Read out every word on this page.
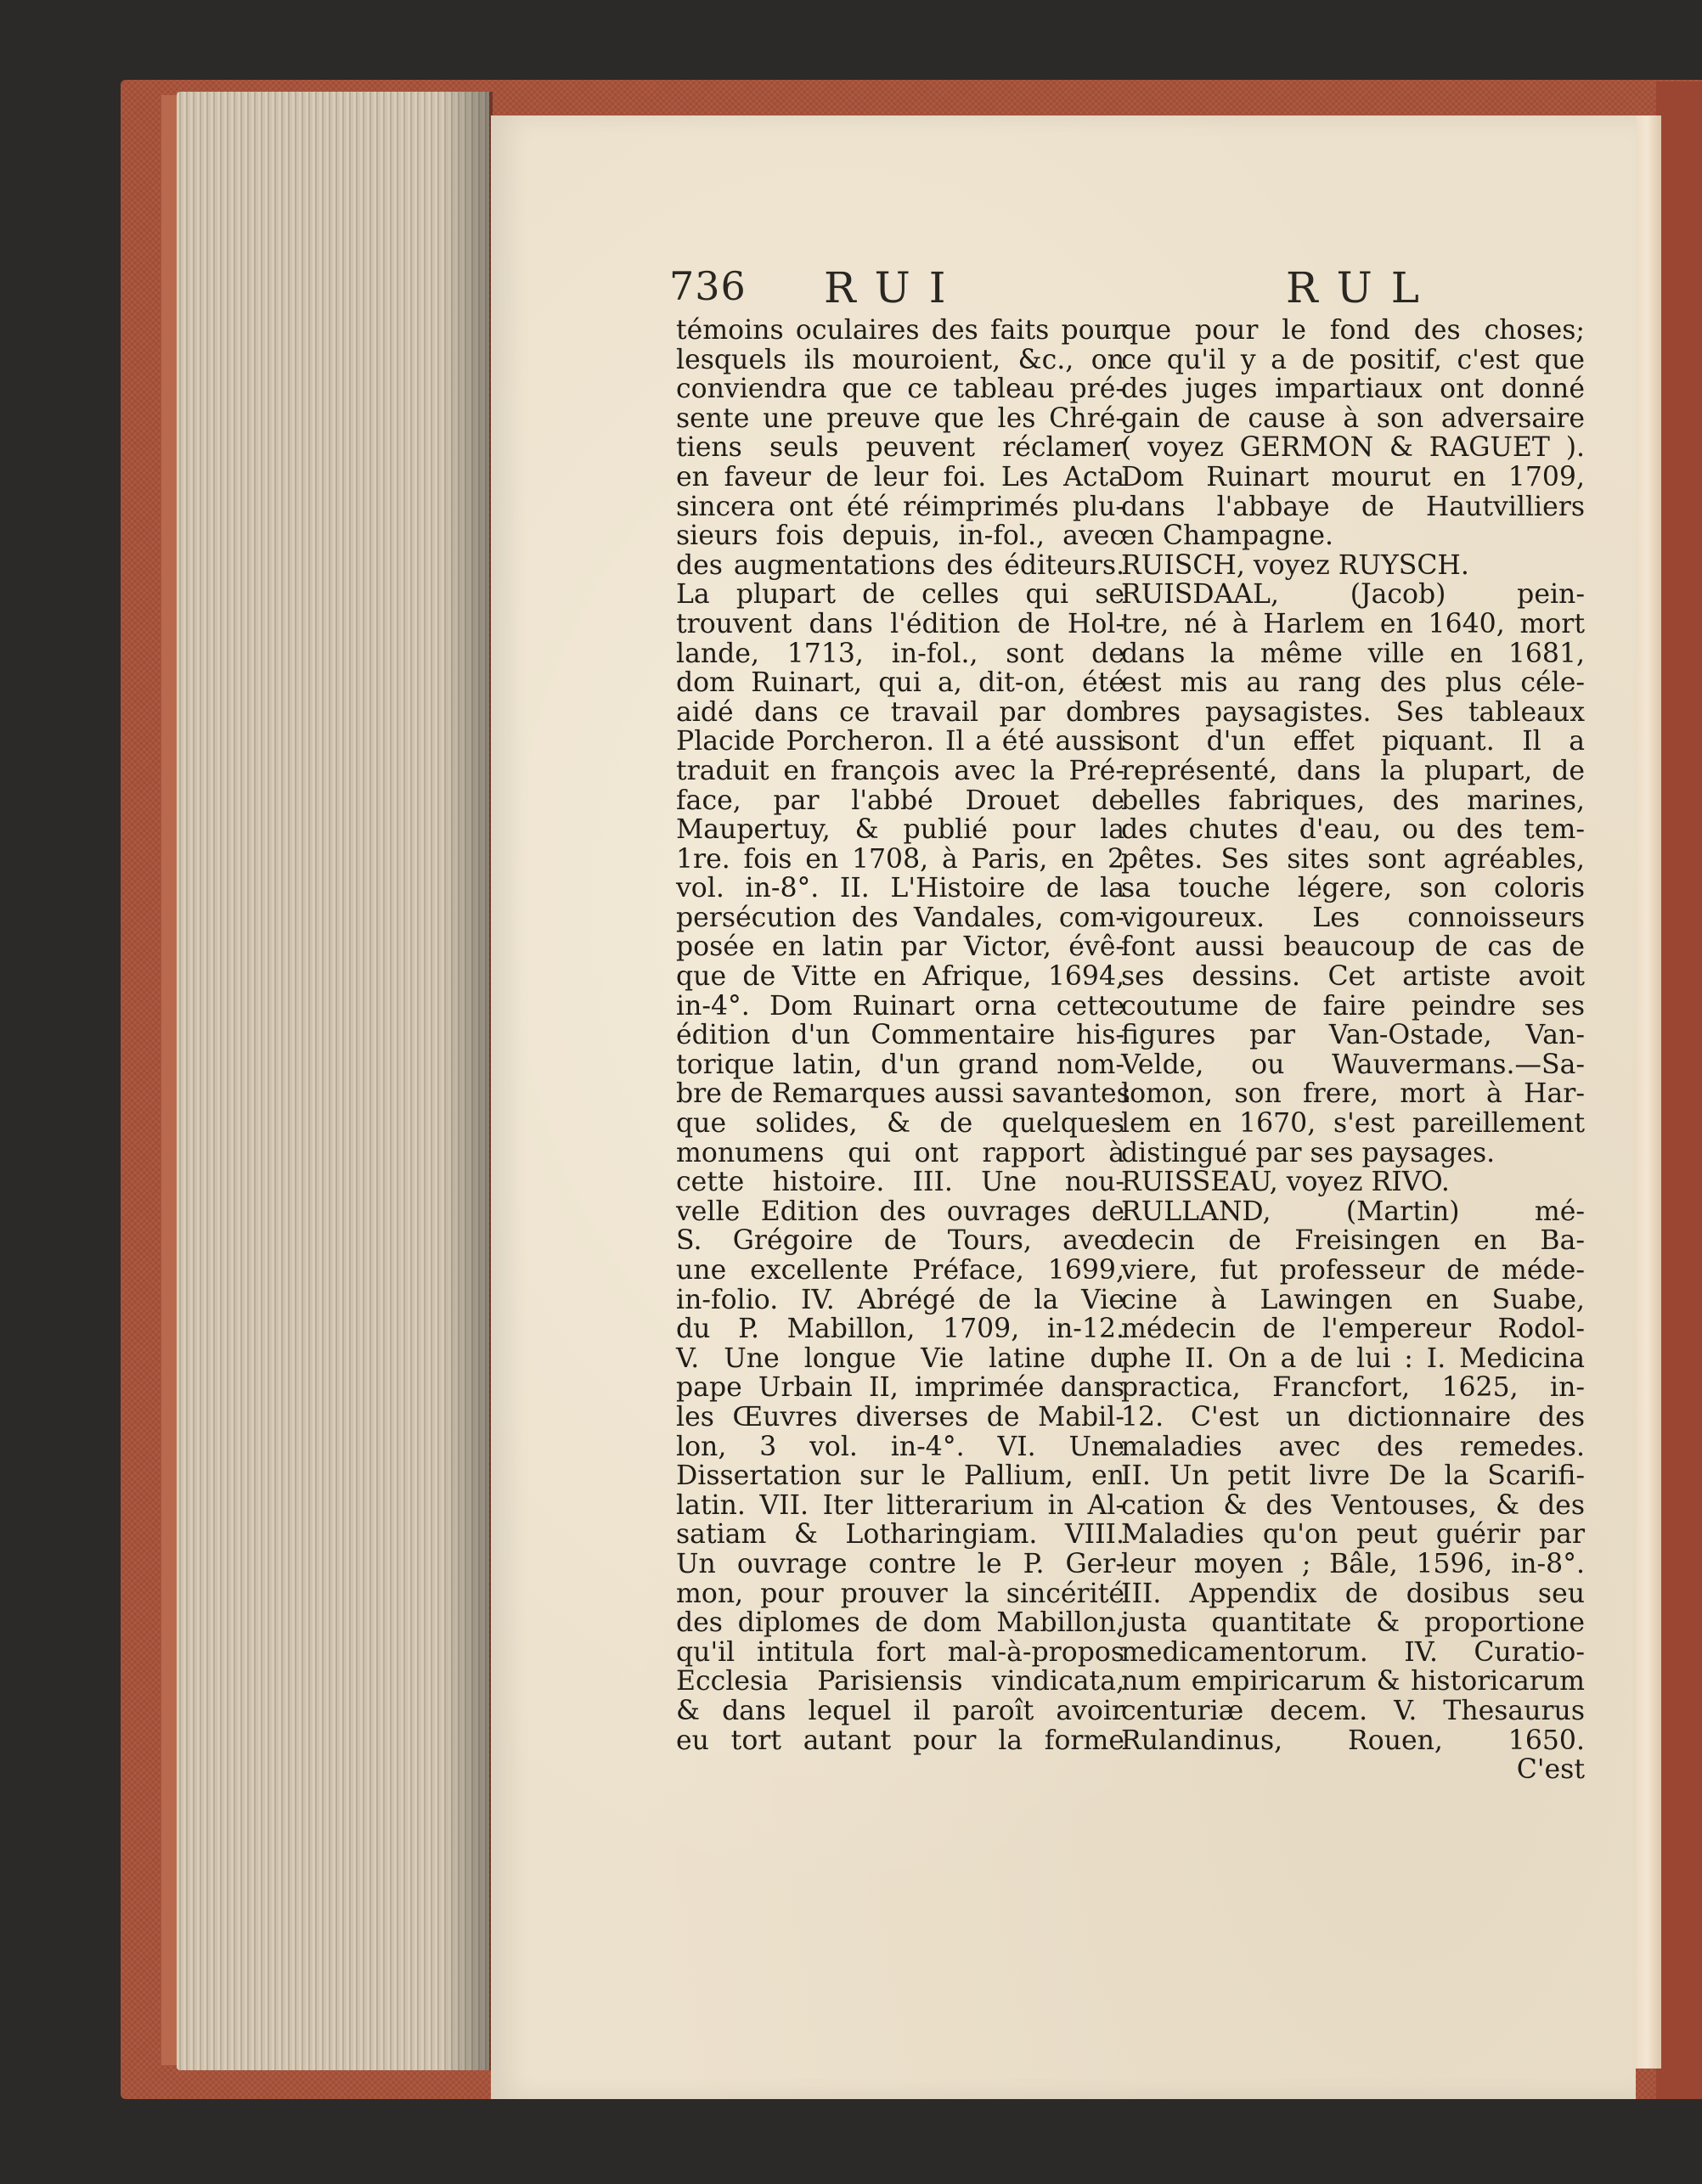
736 RUI	RUL
témoins oculaires des faits pour
lesquels ils mouroient, &c., on
conviendra que ce tableau pré-
sente une preuve que les Chré-
tiens seuls peuvent réclamer
en faveur de leur foi. Les Acta
sincera ont été réimprimés plu-
sieurs fois depuis, in-fol., avec
des augmentations des éditeurs.
La plupart de celles qui se
trouvent dans l'édition de Hol-
lande, 1713, in-fol., sont de
dom Ruinart, qui a, dit-on, été
aidé dans ce travail par dom
Placide Porcheron. Il a été aussi
traduit en françois avec la Pré-
face, par l'abbé Drouet de
Maupertuy, & publié pour la
1re. fois en 1708, à Paris, en 2
vol. in-8°. II. L'Histoire de la
persécution des Vandales, com-
posée en latin par Victor, évê-
que de Vitte en Afrique, 1694,
in-4°. Dom Ruinart orna cette
édition d'un Commentaire his-
torique latin, d'un grand nom-
bre de Remarques aussi savantes
que solides, & de quelques
monumens qui ont rapport à
cette histoire. III. Une nou-
velle Edition des ouvrages de
S. Grégoire de Tours, avec
une excellente Préface, 1699,
in-folio. IV. Abrégé de la Vie
du P. Mabillon, 1709, in-12.
V. Une longue Vie latine du
pape Urbain II, imprimée dans
les Œuvres diverses de Mabil-
lon, 3 vol. in-4°. VI. Une
Dissertation sur le Pallium, en
latin. VII. Iter litterarium in Al-
satiam & Lotharingiam. VIII.
Un ouvrage contre le P. Ger-
mon, pour prouver la sincérité
des diplomes de dom Mabillon,
qu'il intitula fort mal-à-propos
Ecclesia Parisiensis vindicata,
& dans lequel il paroît avoir
eu tort autant pour la forme
que pour le fond des choses;
ce qu'il y a de positif, c'est que
des juges impartiaux ont donné
gain de cause à son adversaire
( voyez GERMON & RAGUET ).
Dom Ruinart mourut en 1709,
dans l'abbaye de Hautvilliers
en Champagne.
RUISCH, voyez RUYSCH.
RUISDAAL, (Jacob) pein-
tre, né à Harlem en 1640, mort
dans la même ville en 1681,
est mis au rang des plus céle-
bres paysagistes. Ses tableaux
sont d'un effet piquant. Il a
représenté, dans la plupart, de
belles fabriques, des marines,
des chutes d'eau, ou des tem-
pêtes. Ses sites sont agréables,
sa touche légere, son coloris
vigoureux. Les connoisseurs
font aussi beaucoup de cas de
ses dessins. Cet artiste avoit
coutume de faire peindre ses
figures par Van-Ostade, Van-
Velde, ou Wauvermans.—Sa-
lomon, son frere, mort à Har-
lem en 1670, s'est pareillement
distingué par ses paysages.
RUISSEAU, voyez RIVO.
RULLAND, (Martin) mé-
decin de Freisingen en Ba-
viere, fut professeur de méde-
cine à Lawingen en Suabe,
médecin de l'empereur Rodol-
phe II. On a de lui : I. Medicina
practica, Francfort, 1625, in-
12. C'est un dictionnaire des
maladies avec des remedes.
II. Un petit livre De la Scarifi-
cation & des Ventouses, & des
Maladies qu'on peut guérir par
leur moyen ; Bâle, 1596, in-8°.
III. Appendix de dosibus seu
justa quantitate & proportione
medicamentorum. IV. Curatio-
num empiricarum & historicarum
centuriæ decem. V. Thesaurus
Rulandinus, Rouen, 1650.
C'est
